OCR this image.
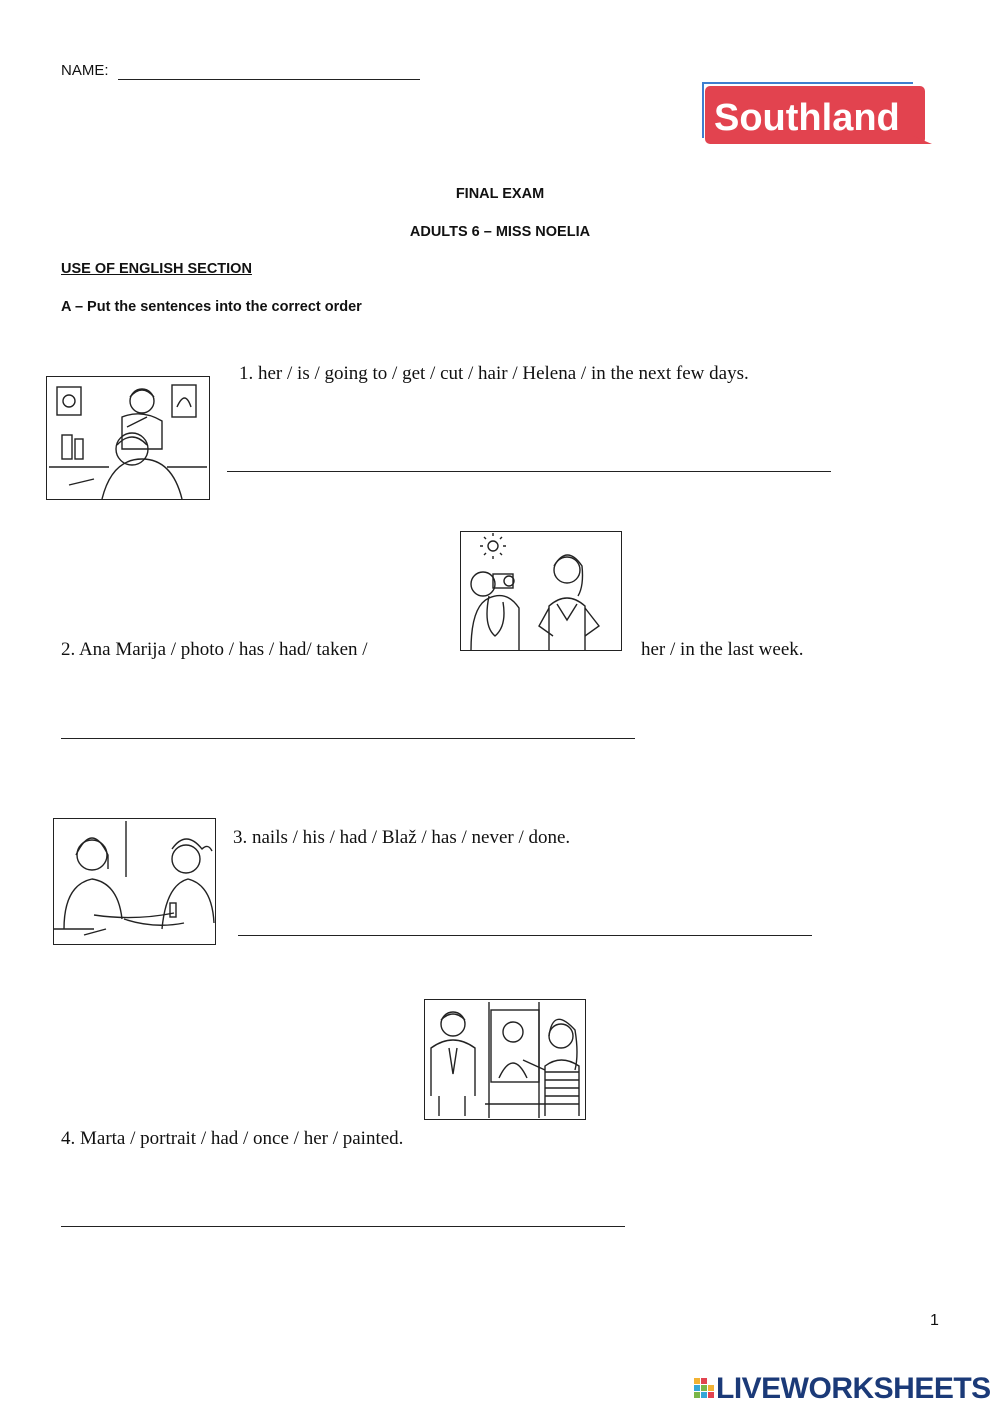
NAME:
Southland
FINAL EXAM
ADULTS 6 – MISS NOELIA
USE OF ENGLISH SECTION
A – Put the sentences into the correct order
1. her / is / going to / get / cut / hair / Helena / in the next few days.
2. Ana Marija / photo / has / had/ taken /	her / in the last week.
3. nails / his / had / Blaž / has / never / done.
4. Marta / portrait / had / once / her / painted.
1
LIVEWORKSHEETS
